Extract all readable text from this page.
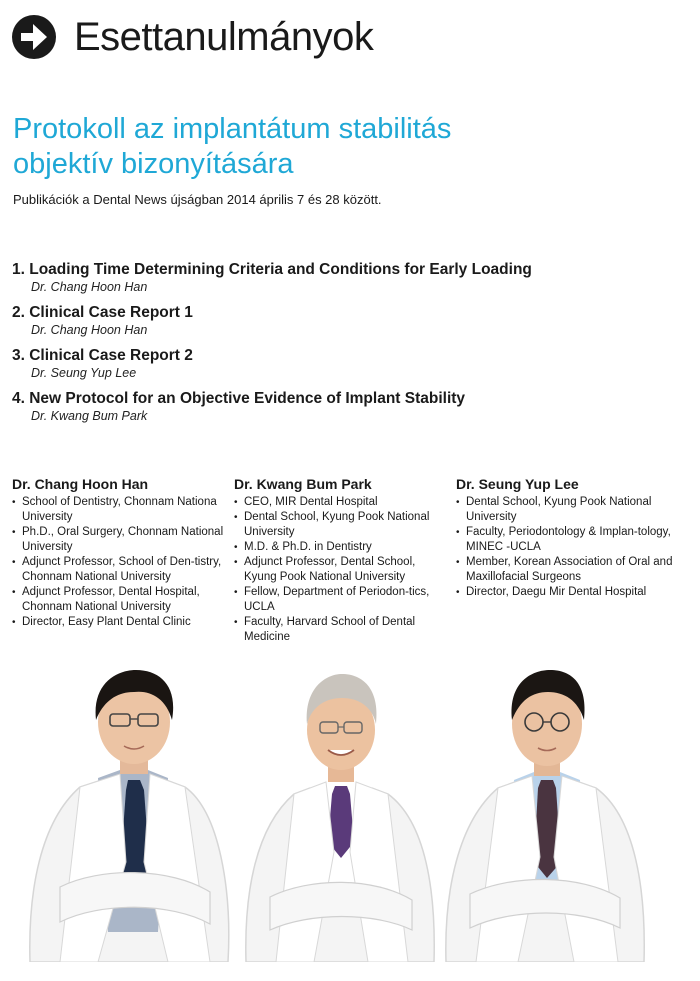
Esettanulmányok
Protokoll az implantátum stabilitás
objektív bizonyítására

Publikációk a Dental News újságban 2014 április 7 és 28 között.

1. Loading Time Determining Criteria and Conditions for Early Loading
Dr. Chang Hoon Han
2. Clinical Case Report 1
Dr. Chang Hoon Han
3. Clinical Case Report 2
Dr. Seung Yup Lee
4. New Protocol for an Objective Evidence of Implant Stability
Dr. Kwang Bum Park
Dr. Chang Hoon Han
• School of Dentistry, Chonnam Nationa University
• Ph.D., Oral Surgery, Chonnam National University
• Adjunct Professor, School of Den-tistry, Chonnam National University
• Adjunct Professor, Dental Hospital, Chonnam National University
• Director, Easy Plant Dental Clinic
Dr. Kwang Bum Park
• CEO, MIR Dental Hospital
• Dental School, Kyung Pook National University
• M.D. & Ph.D. in Dentistry
• Adjunct Professor, Dental School, Kyung Pook National University
• Fellow, Department of Periodon-tics, UCLA
• Faculty, Harvard School of Dental Medicine
Dr. Seung Yup Lee
• Dental School, Kyung Pook National University
• Faculty, Periodontology & Implan-tology, MINEC -UCLA
• Member, Korean Association of Oral and Maxillofacial Surgeons
• Director, Daegu Mir Dental Hospital
